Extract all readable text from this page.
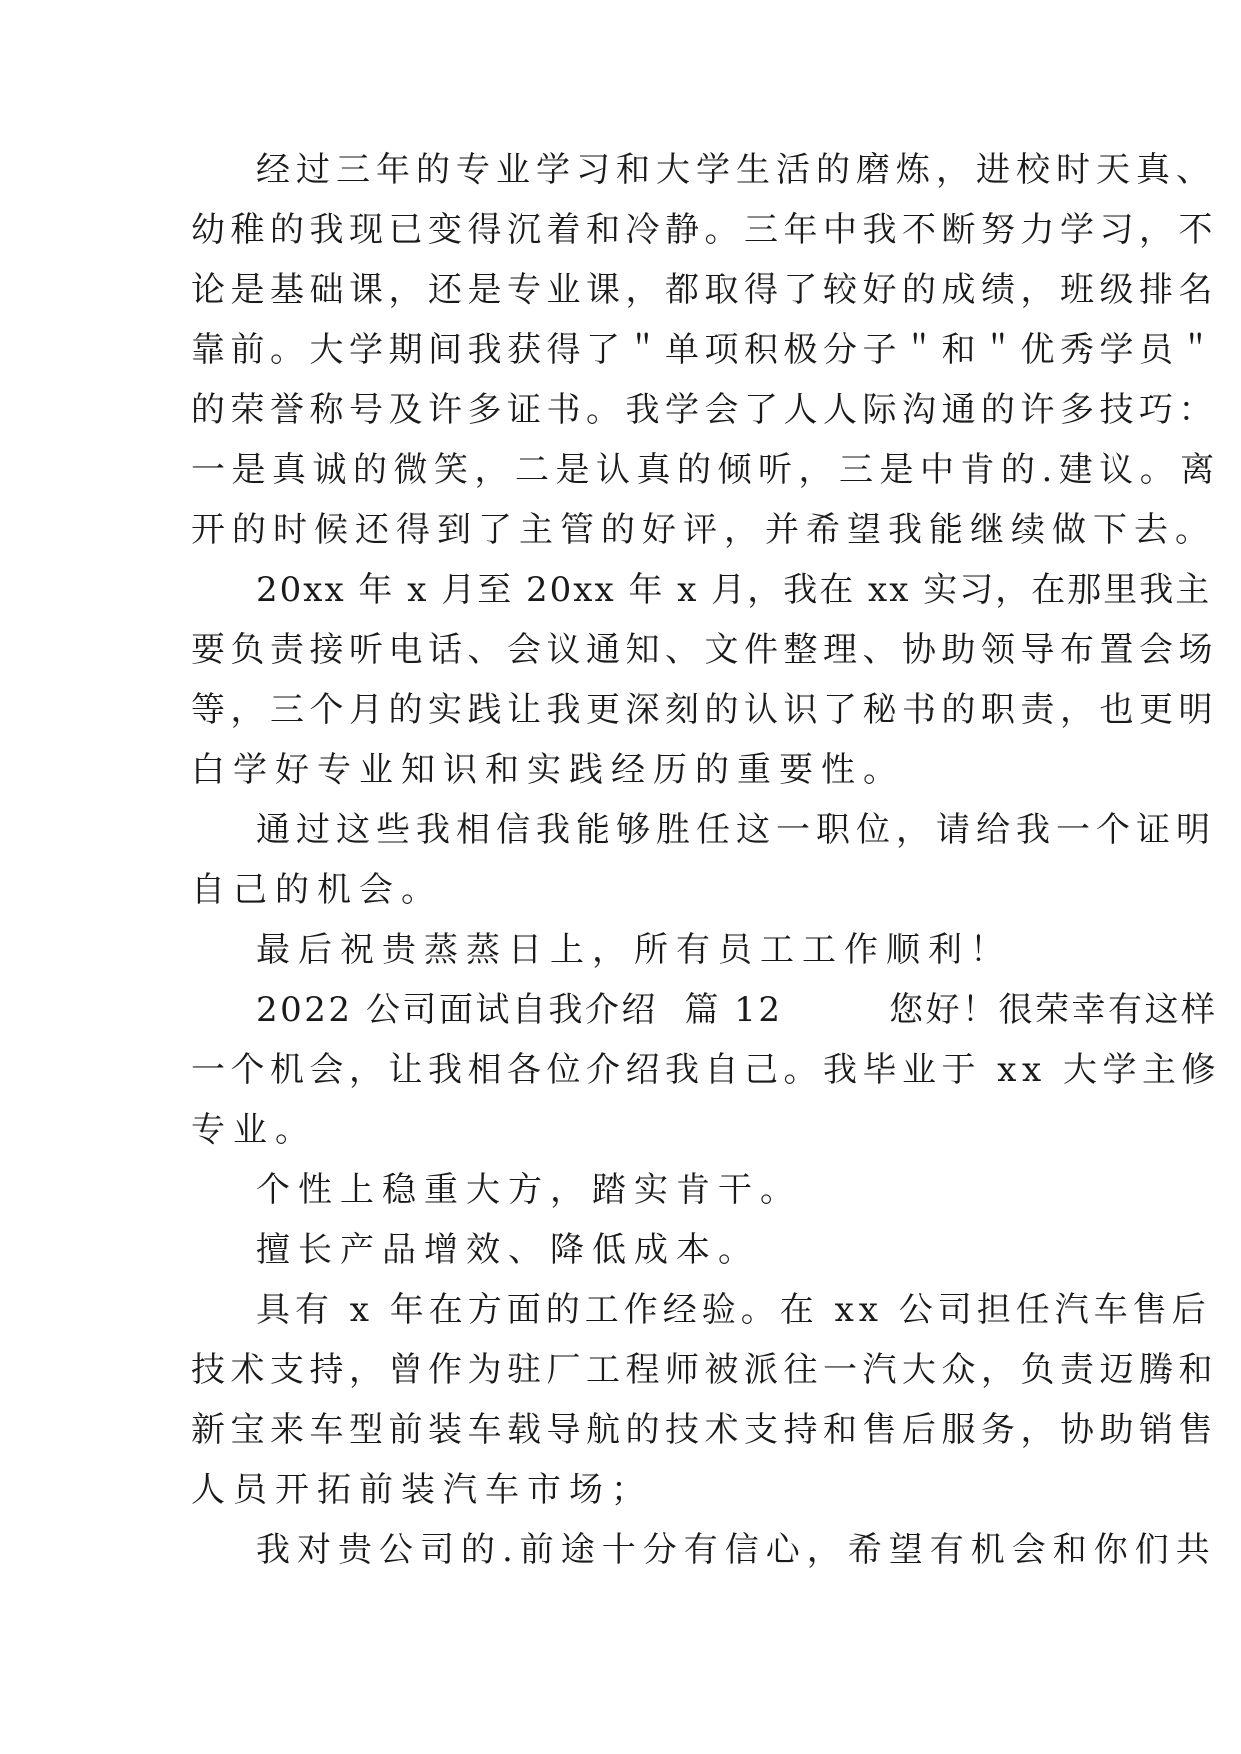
经过三年的专业学习和大学生活的磨炼，进校时天真、
幼稚的我现已变得沉着和冷静。三年中我不断努力学习，不
论是基础课，还是专业课，都取得了较好的成绩，班级排名
靠前。大学期间我获得了＂单项积极分子＂和＂优秀学员＂
的荣誉称号及许多证书。我学会了人人际沟通的许多技巧：
一是真诚的微笑，二是认真的倾听，三是中肯的.建议。离
开的时候还得到了主管的好评，并希望我能继续做下去。
20xx 年 x 月至 20xx 年 x 月，我在 xx 实习，在那里我主
要负责接听电话、会议通知、文件整理、协助领导布置会场
等，三个月的实践让我更深刻的认识了秘书的职责，也更明
白学好专业知识和实践经历的重要性。
通过这些我相信我能够胜任这一职位，请给我一个证明
自己的机会。
最后祝贵蒸蒸日上，所有员工工作顺利！
2022 公司面试自我介绍  篇 12        您好！很荣幸有这样
一个机会，让我相各位介绍我自己。我毕业于 xx 大学主修
专业。
个性上稳重大方，踏实肯干。
擅长产品增效、降低成本。
具有 x 年在方面的工作经验。在 xx 公司担任汽车售后
技术支持，曾作为驻厂工程师被派往一汽大众，负责迈腾和
新宝来车型前装车载导航的技术支持和售后服务，协助销售
人员开拓前装汽车市场；
我对贵公司的.前途十分有信心，希望有机会和你们共
